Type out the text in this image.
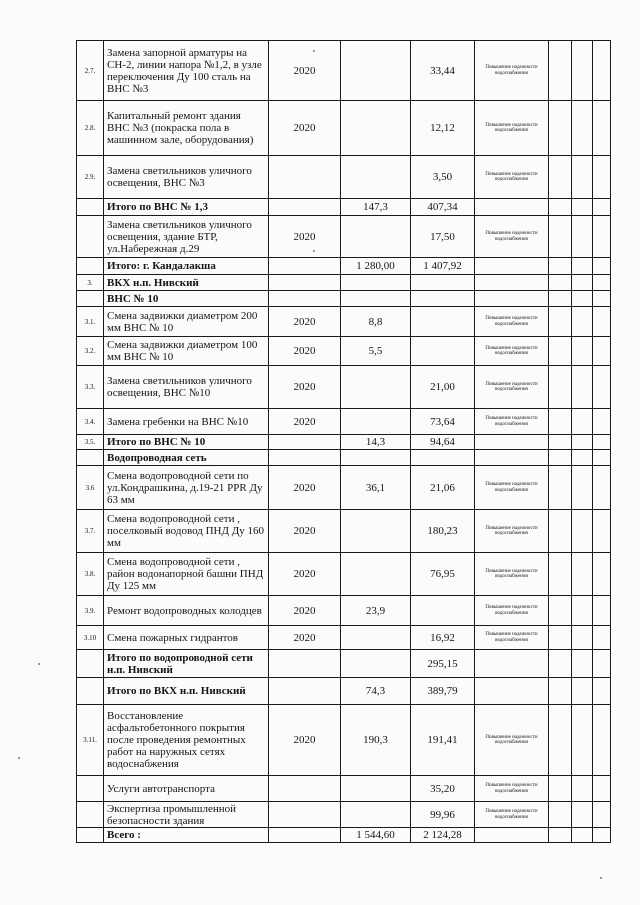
2.7.	Замена запорной арматуры на СН-2, линии напора №1,2, в узле переключения Ду 100 сталь на ВНС №3	2020		33,44	Повышение надежности водоснабжения			
2.8.	Капитальный ремонт здания ВНС №3 (покраска пола в машинном зале, оборудования)	2020		12,12	Повышение надежности водоснабжения			
2.9.	Замена светильников уличного освещения, ВНС №3			3,50	Повышение надежности водоснабжения			
	Итого по ВНС № 1,3		147,3	407,34				
	Замена светильников уличного освещения, здание БТР, ул.Набережная д.29	2020		17,50	Повышение надежности водоснабжения			
	Итого: г. Кандалакша		1 280,00	1 407,92				
3.	ВКХ н.п. Нивский							
	ВНС № 10							
3.1.	Смена задвижки диаметром 200 мм ВНС № 10	2020	8,8		Повышение надежности водоснабжения			
3.2.	Смена задвижки диаметром 100 мм ВНС № 10	2020	5,5		Повышение надежности водоснабжения			
3.3.	Замена светильников уличного освещения, ВНС №10	2020		21,00	Повышение надежности водоснабжения			
3.4.	Замена гребенки на ВНС №10	2020		73,64	Повышение надежности водоснабжения			
3.5.	Итого по ВНС № 10		14,3	94,64				
	Водопроводная сеть							
3.6	Смена водопроводной сети по ул.Кондрашкина, д.19-21 PPR Ду 63 мм	2020	36,1	21,06	Повышение надежности водоснабжения			
3.7.	Смена водопроводной сети , поселковый водовод ПНД Ду 160 мм	2020		180,23	Повышение надежности водоснабжения			
3.8.	Смена водопроводной сети , район водонапорной башни ПНД Ду 125 мм	2020		76,95	Повышение надежности водоснабжения			
3.9.	Ремонт водопроводных колодцев	2020	23,9		Повышение надежности водоснабжения			
3.10	Смена пожарных гидрантов	2020		16,92	Повышение надежности водоснабжения			
	Итого по водопроводной сети н.п. Нивский			295,15				
	Итого по ВКХ н.п. Нивский		74,3	389,79				
3.11.	Восстановление асфальтобетонного покрытия после проведения ремонтных работ на наружных сетях водоснабжения	2020	190,3	191,41	Повышение надежности водоснабжения			
	Услуги автотранспорта			35,20	Повышение надежности водоснабжения			
	Экспертиза промышленной безопасности здания			99,96	Повышение надежности водоснабжения			
	Всего :		1 544,60	2 124,28				
